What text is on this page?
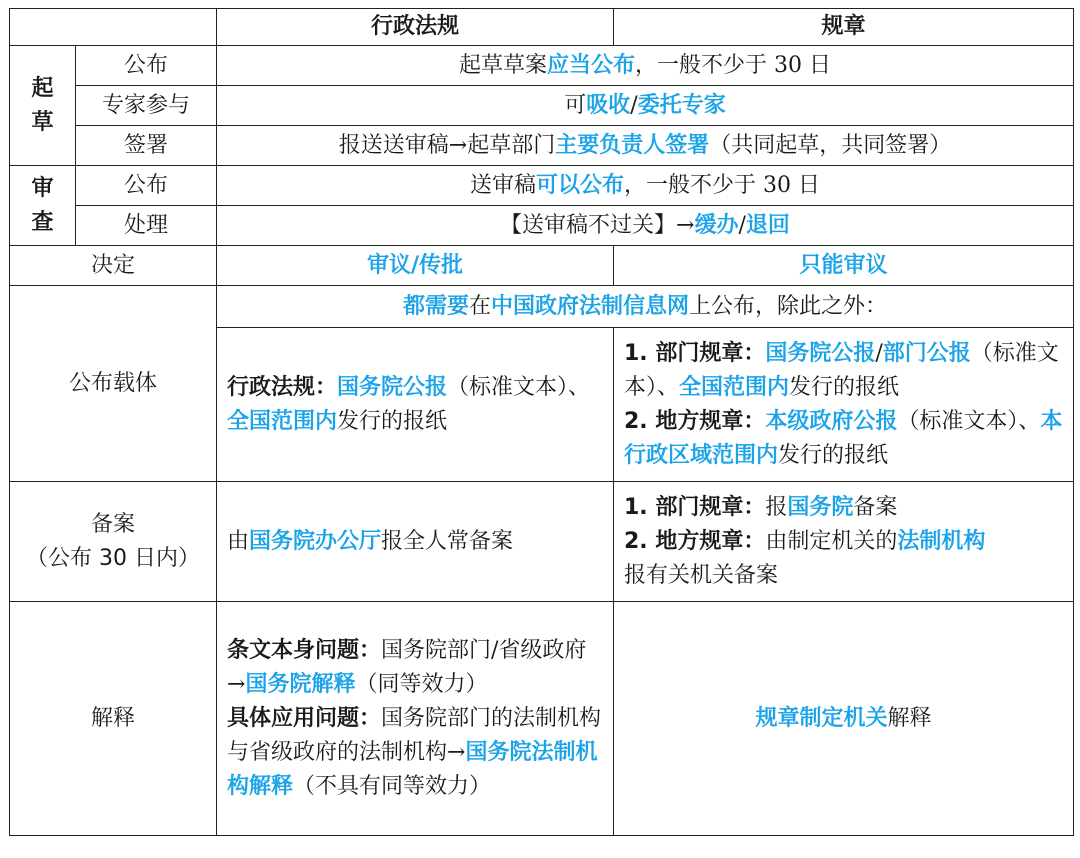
		行政法规	规章
起
草	公布	起草草案应当公布，一般不少于 30 日	
	专家参与	可吸收/委托专家	
	签署	报送送审稿→起草部门主要负责人签署（共同起草，共同签署）	
审
查	公布	送审稿可以公布，一般不少于 30 日	
	处理	【送审稿不过关】→缓办/退回	
决定		审议/传批	只能审议
公布载体		都需要在中国政府法制信息网上公布，除此之外：	
		行政法规：国务院公报（标准文本）、全国范围内发行的报纸	1. 部门规章：国务院公报/部门公报（标准文本）、全国范围内发行的报纸
2. 地方规章：本级政府公报（标准文本）、本行政区域范围内发行的报纸
备案
（公布 30 日内）		由国务院办公厅报全人常备案	1. 部门规章：报国务院备案
2. 地方规章：由制定机关的法制机构
报有关机关备案
解释		条文本身问题：国务院部门/省级政府→国务院解释（同等效力）
具体应用问题：国务院部门的法制机构与省级政府的法制机构→国务院法制机构解释（不具有同等效力）	规章制定机关解释
